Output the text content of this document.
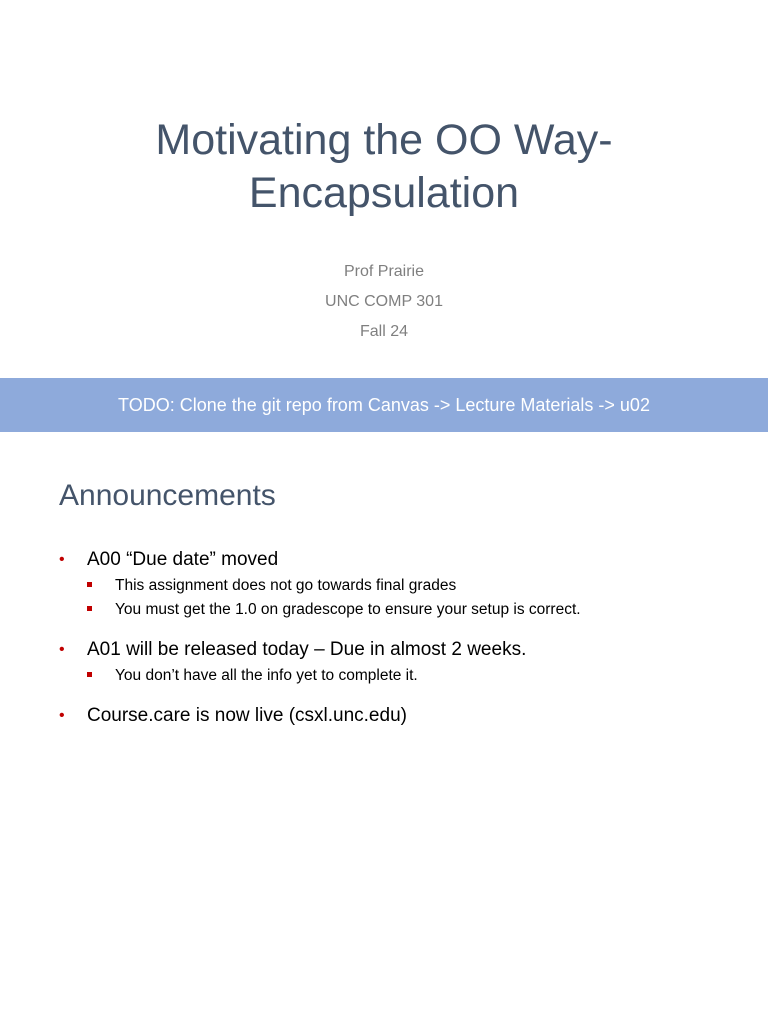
Motivating the OO Way-
Encapsulation
Prof Prairie
UNC COMP 301
Fall 24
TODO: Clone the git repo from Canvas -> Lecture Materials -> u02
Announcements
• A00 “Due date” moved
This assignment does not go towards final grades
You must get the 1.0 on gradescope to ensure your setup is correct.
• A01 will be released today – Due in almost 2 weeks.
You don’t have all the info yet to complete it.
• Course.care is now live (csxl.unc.edu)
